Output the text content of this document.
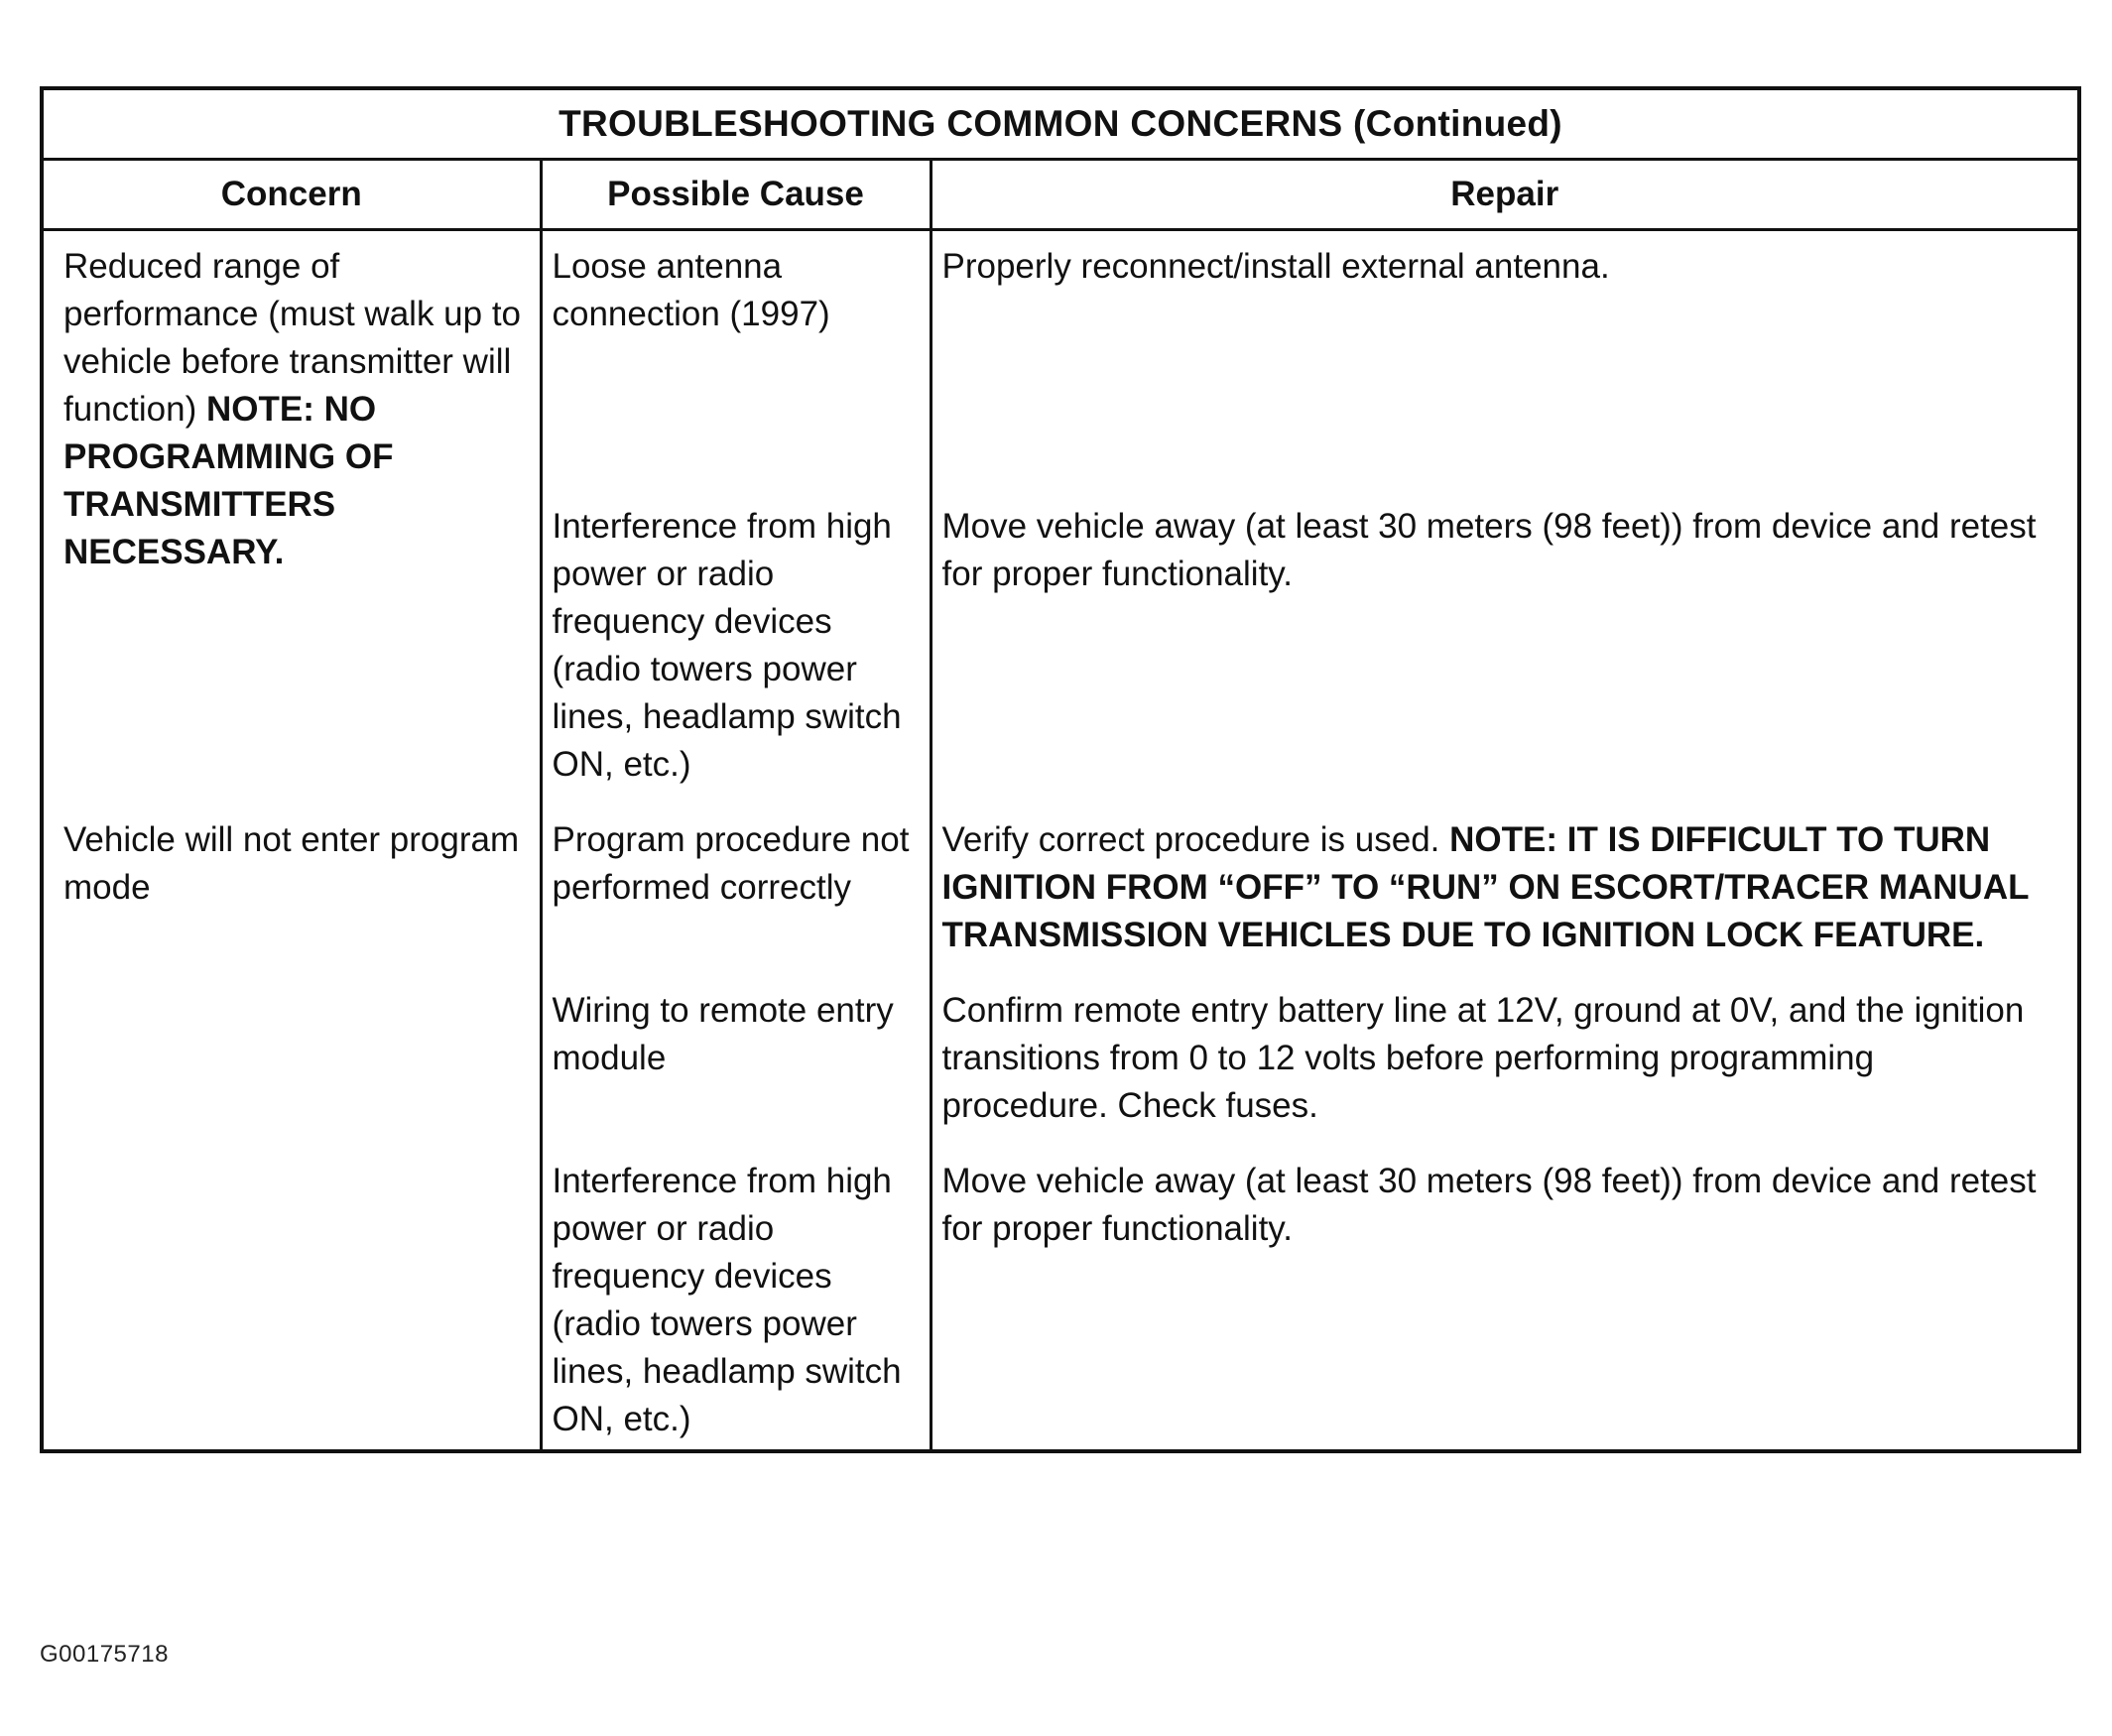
TROUBLESHOOTING COMMON CONCERNS (Continued)		
Concern	Possible Cause	Repair
Reduced range of performance (must walk up to vehicle before transmitter will function) NOTE: NO PROGRAMMING OF TRANSMITTERS NECESSARY.	Loose antenna connection (1997)	Properly reconnect/install external antenna.
	Interference from high power or radio frequency devices (radio towers power lines, headlamp switch ON, etc.)	Move vehicle away (at least 30 meters (98 feet)) from device and retest for proper functionality.
Vehicle will not enter program mode	Program procedure not performed correctly	Verify correct procedure is used. NOTE: IT IS DIFFICULT TO TURN IGNITION FROM “OFF” TO “RUN” ON ESCORT/TRACER MANUAL TRANSMISSION VEHICLES DUE TO IGNITION LOCK FEATURE.
	Wiring to remote entry module	Confirm remote entry battery line at 12V, ground at 0V, and the ignition transitions from 0 to 12 volts before performing programming procedure. Check fuses.
	Interference from high power or radio frequency devices (radio towers power lines, headlamp switch ON, etc.)	Move vehicle away (at least 30 meters (98 feet)) from device and retest for proper functionality.
G00175718
